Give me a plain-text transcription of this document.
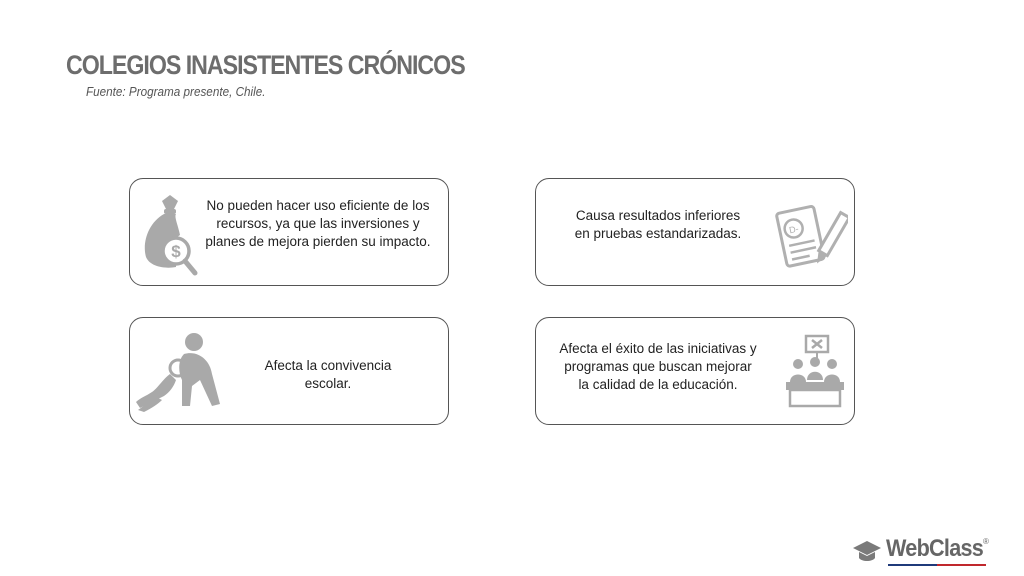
COLEGIOS INASISTENTES CRÓNICOS
Fuente: Programa presente, Chile.
$
No pueden hacer uso eficiente de los recursos, ya que las inversiones y planes de mejora pierden su impacto.
Causa resultados inferiores en pruebas estandarizadas.	D-
Afecta la convivencia escolar.
Afecta el éxito de las iniciativas y programas que buscan mejorar la calidad de la educación.
WebClass ®
